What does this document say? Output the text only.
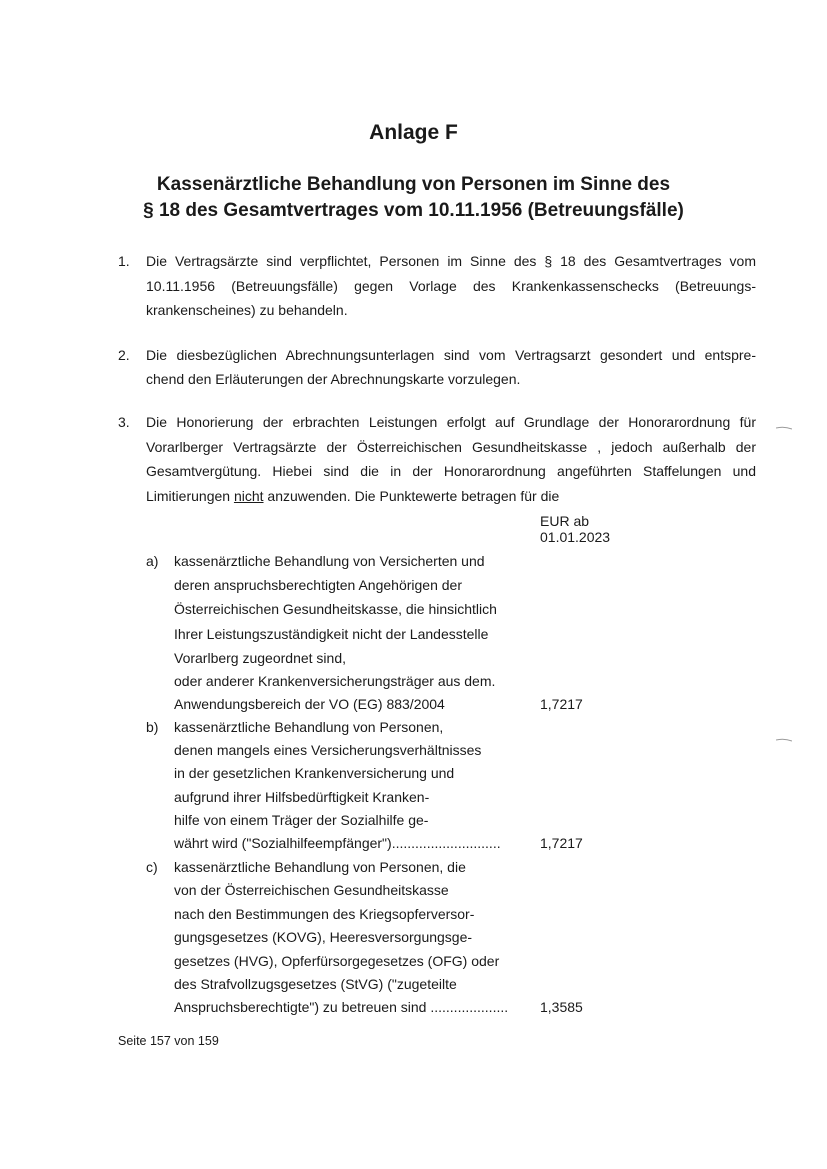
Anlage F
Kassenärztliche Behandlung von Personen im Sinne des
§ 18 des Gesamtvertrages vom 10.11.1956 (Betreuungsfälle)
1. Die Vertragsärzte sind verpflichtet, Personen im Sinne des § 18 des Gesamtvertrages vom
10.11.1956 (Betreuungsfälle) gegen Vorlage des Krankenkassenschecks (Betreuungs-
krankenscheines) zu behandeln.
2. Die diesbezüglichen Abrechnungsunterlagen sind vom Vertragsarzt gesondert und entspre-
chend den Erläuterungen der Abrechnungskarte vorzulegen.
3. Die Honorierung der erbrachten Leistungen erfolgt auf Grundlage der Honorarordnung für
Vorarlberger Vertragsärzte der Österreichischen Gesundheitskasse , jedoch außerhalb der
Gesamtvergütung. Hiebei sind die in der Honorarordnung angeführten Staffelungen und
Limitierungen nicht anzuwenden. Die Punktewerte betragen für die
EUR ab
01.01.2023
a) kassenärztliche Behandlung von Versicherten und
deren anspruchsberechtigten Angehörigen der
Österreichischen Gesundheitskasse, die hinsichtlich
Ihrer Leistungszuständigkeit nicht der Landesstelle
Vorarlberg zugeordnet sind,
oder anderer Krankenversicherungsträger aus dem.
Anwendungsbereich der VO (EG) 883/2004	1,7217
b) kassenärztliche Behandlung von Personen,
denen mangels eines Versicherungsverhältnisses
in der gesetzlichen Krankenversicherung und
aufgrund ihrer Hilfsbedürftigkeit Kranken-
hilfe von einem Träger der Sozialhilfe ge-
währt wird ("Sozialhilfeempfänger")............................	1,7217
c) kassenärztliche Behandlung von Personen, die
von der Österreichischen Gesundheitskasse
nach den Bestimmungen des Kriegsopferversor-
gungsgesetzes (KOVG), Heeresversorgungsge-
gesetzes (HVG), Opferfürsorgegesetzes (OFG) oder
des Strafvollzugsgesetzes (StVG) ("zugeteilte
Anspruchsberechtigte") zu betreuen sind .................... 1,3585
Seite 157 von 159
